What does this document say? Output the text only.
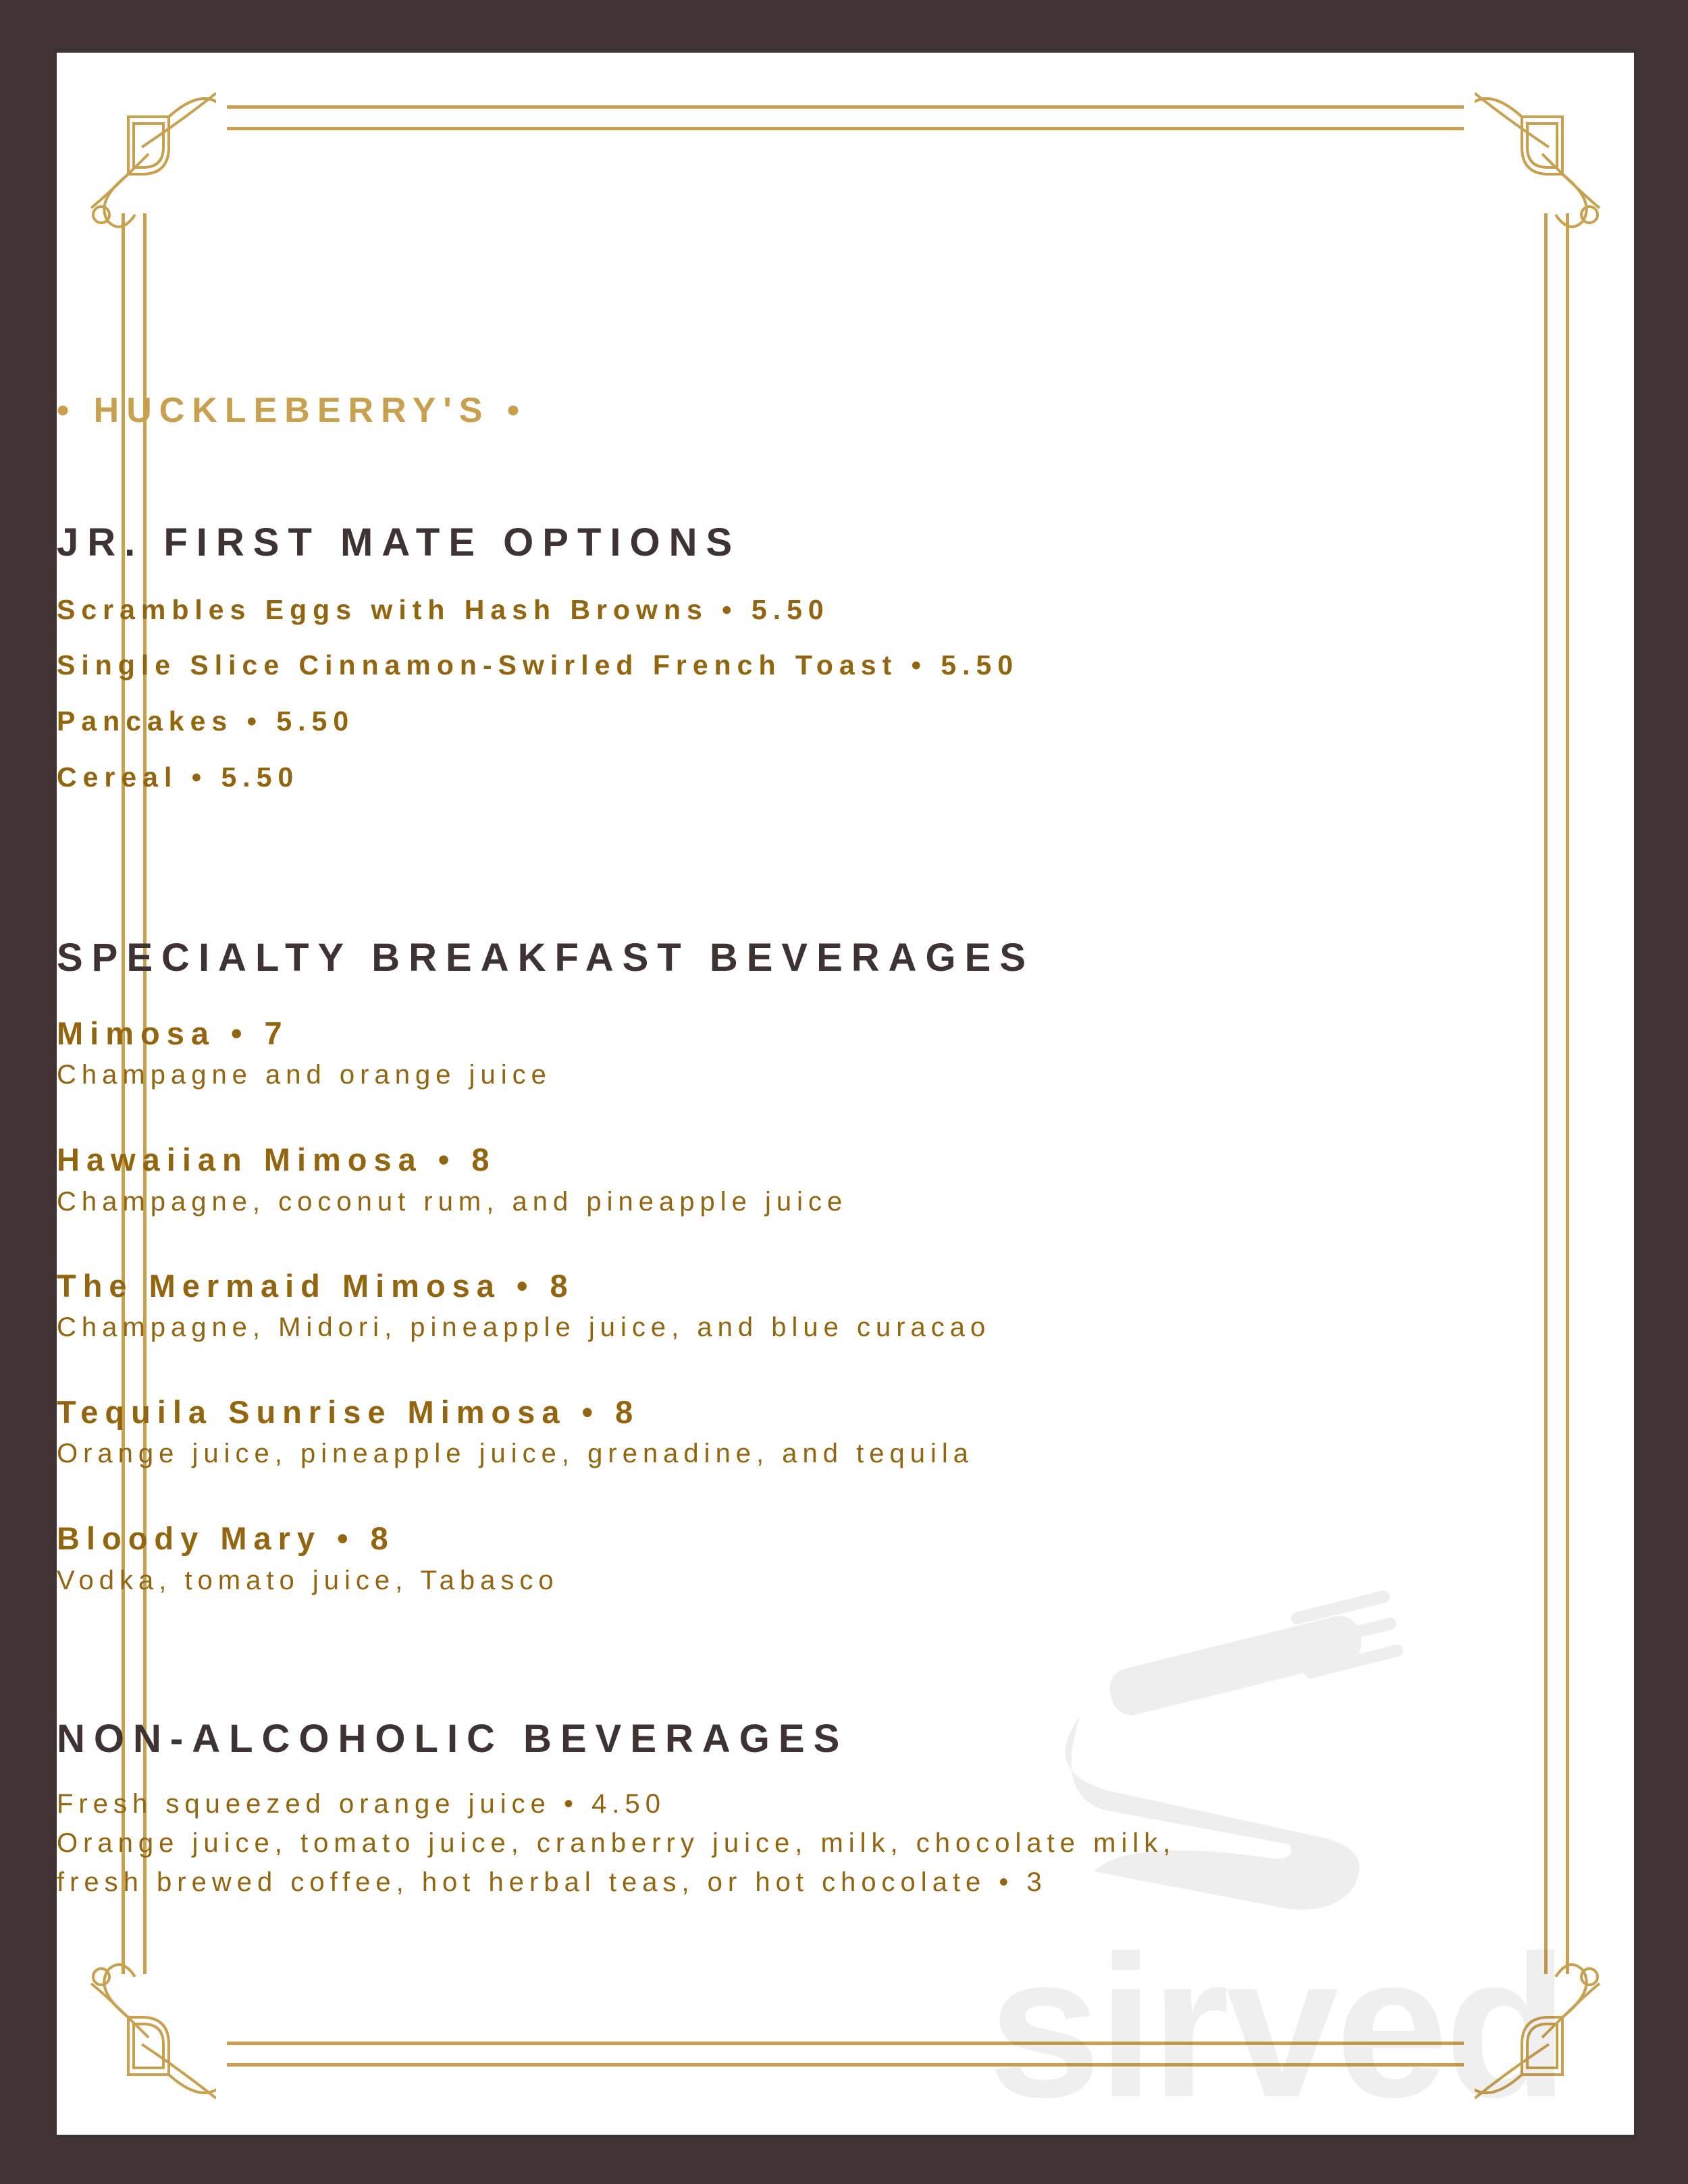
sirved
• HUCKLEBERRY'S •
JR. FIRST MATE OPTIONS
Scrambles Eggs with Hash Browns • 5.50
Single Slice Cinnamon-Swirled French Toast • 5.50
Pancakes • 5.50
Cereal • 5.50
SPECIALTY BREAKFAST BEVERAGES
Mimosa • 7
Champagne and orange juice
Hawaiian Mimosa • 8
Champagne, coconut rum, and pineapple juice
The Mermaid Mimosa • 8
Champagne, Midori, pineapple juice, and blue curacao
Tequila Sunrise Mimosa • 8
Orange juice, pineapple juice, grenadine, and tequila
Bloody Mary • 8
Vodka, tomato juice, Tabasco
NON-ALCOHOLIC BEVERAGES
Fresh squeezed orange juice • 4.50
Orange juice, tomato juice, cranberry juice, milk, chocolate milk,
fresh brewed coffee, hot herbal teas, or hot chocolate • 3
